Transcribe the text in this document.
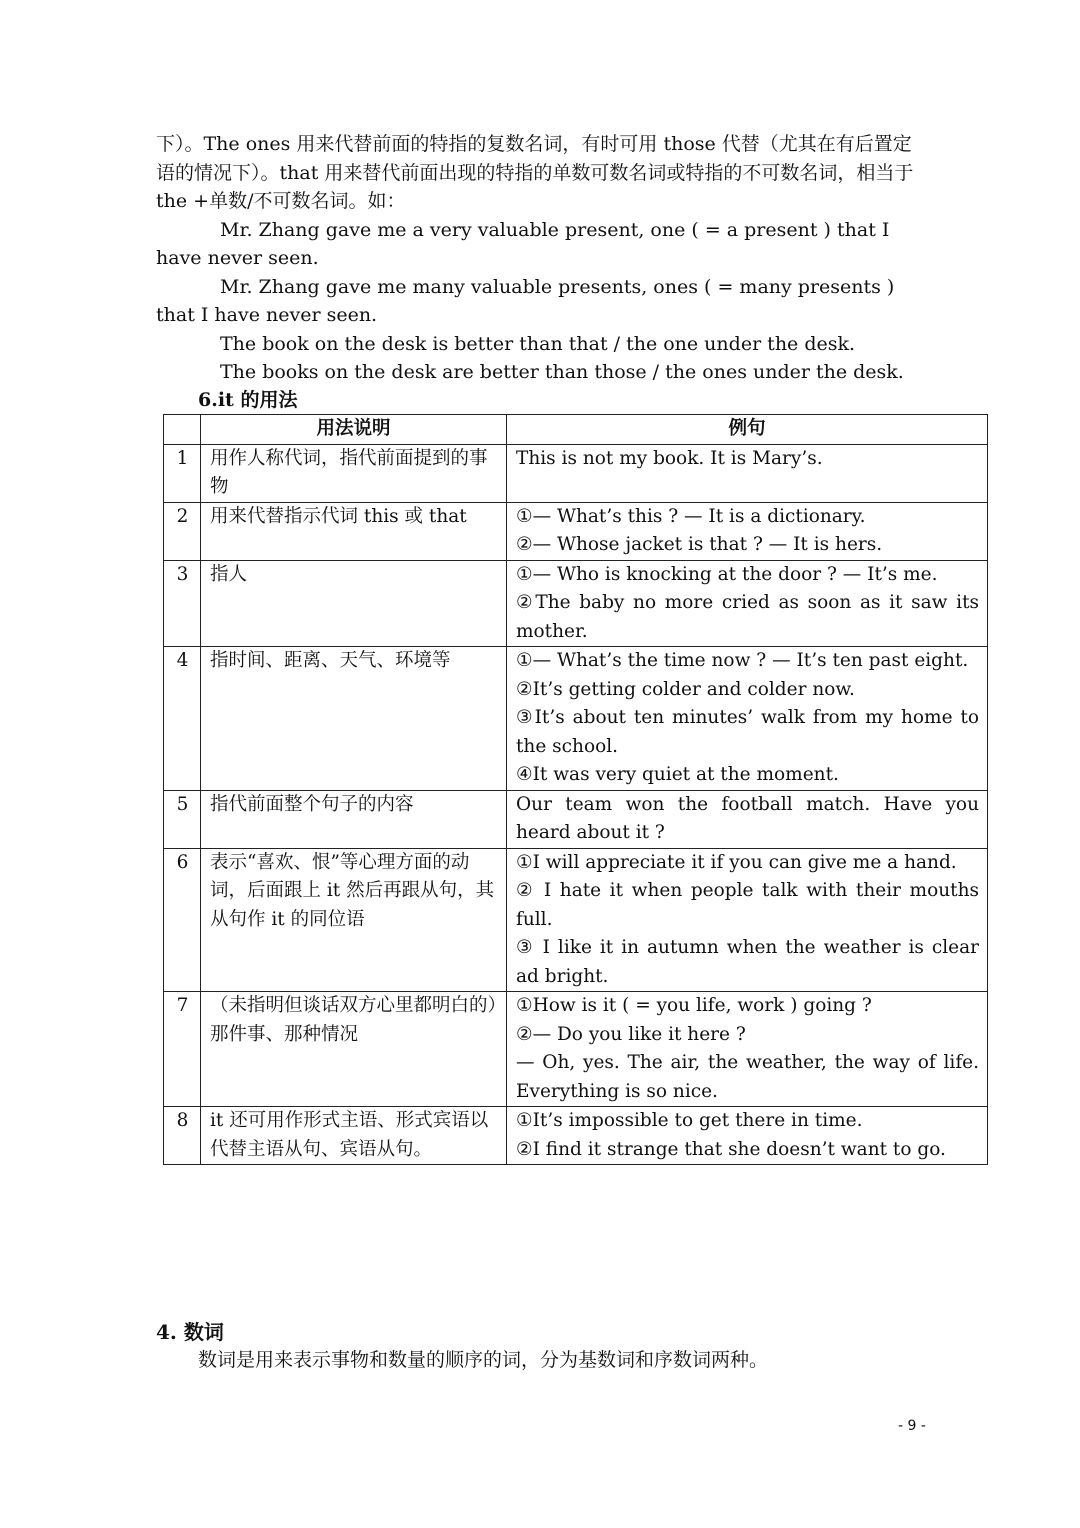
下）。The ones 用来代替前面的特指的复数名词，有时可用 those 代替（尤其在有后置定语的情况下）。that 用来替代前面出现的特指的单数可数名词或特指的不可数名词，相当于 the +单数/不可数名词。如：

Mr. Zhang gave me a very valuable present, one ( = a present ) that I have never seen.

Mr. Zhang gave me many valuable presents, ones ( = many presents ) that I have never seen.

The book on the desk is better than that / the one under the desk.

The books on the desk are better than those / the ones under the desk.

6.it 的用法
	用法说明	例句
1	用作人称代词，指代前面提到的事物	This is not my book. It is Mary’s.

2	用来代替指示代词 this 或 that	①— What’s this ? — It is a dictionary.
②— Whose jacket is that ? — It is hers.

3	指人	①— Who is knocking at the door ? — It’s me.
②The baby no more cried as soon as it saw its mother.

4	指时间、距离、天气、环境等	①— What’s the time now ? — It’s ten past eight.
②It’s getting colder and colder now.
③It’s about ten minutes’ walk from my home to the school.
④It was very quiet at the moment.

5	指代前面整个句子的内容	Our team won the football match. Have you heard about it ?

6	表示“喜欢、恨”等心理方面的动词，后面跟上 it 然后再跟从句，其从句作 it 的同位语	①I will appreciate it if you can give me a hand.
② I hate it when people talk with their mouths full.
③ I like it in autumn when the weather is clear ad bright.

7	（未指明但谈话双方心里都明白的）那件事、那种情况	①How is it ( = you life, work ) going ?
②— Do you like it here ?
— Oh, yes. The air, the weather, the way of life. Everything is so nice.

8	it 还可用作形式主语、形式宾语以代替主语从句、宾语从句。	①It’s impossible to get there in time.
②I find it strange that she doesn’t want to go.
4. 数词
数词是用来表示事物和数量的顺序的词，分为基数词和序数词两种。
- 9 -
